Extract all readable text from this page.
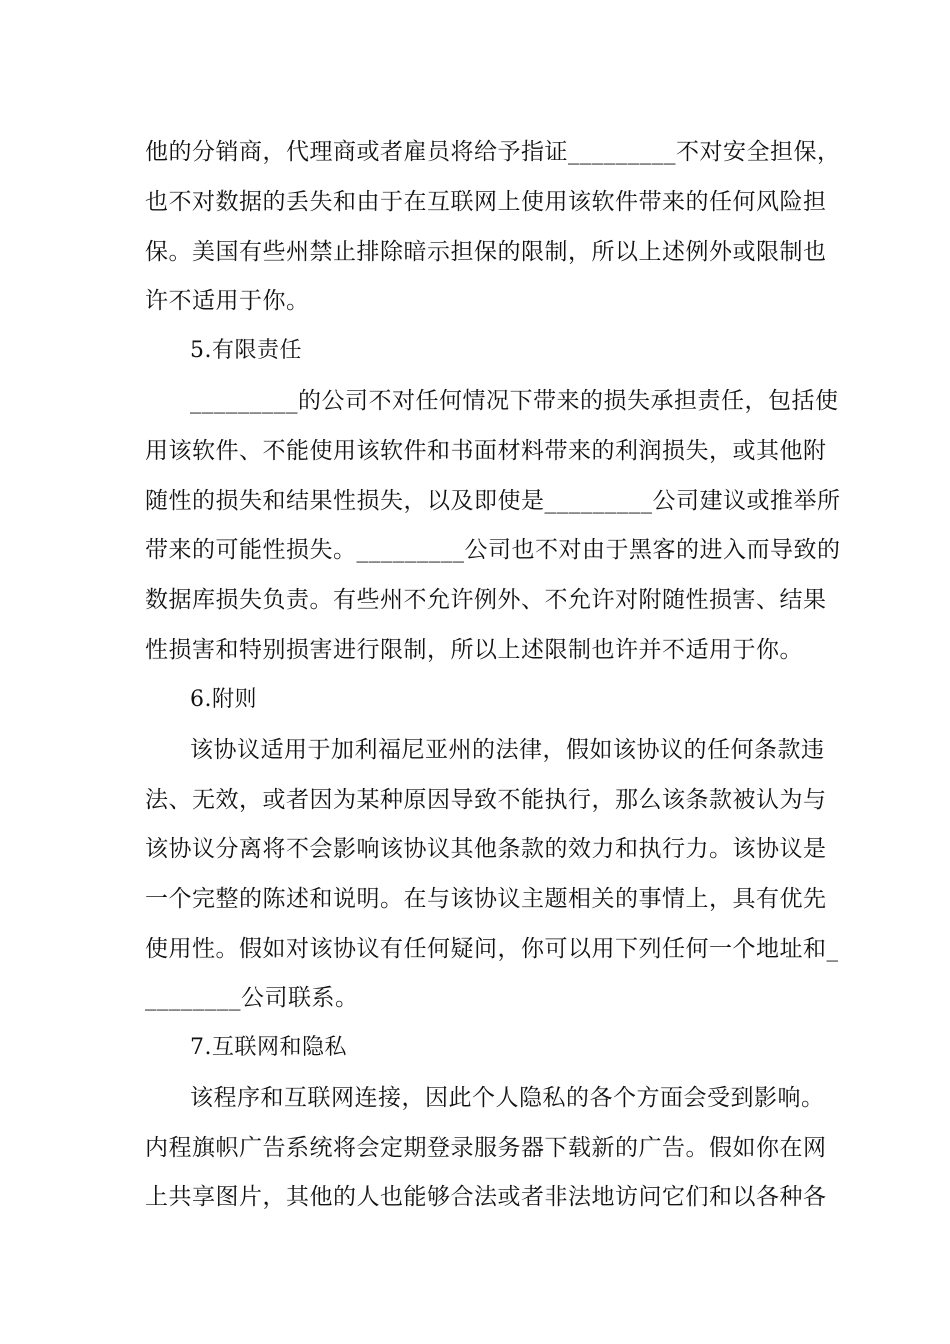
他的分销商，代理商或者雇员将给予指证_________不对安全担保，
也不对数据的丢失和由于在互联网上使用该软件带来的任何风险担
保。美国有些州禁止排除暗示担保的限制，所以上述例外或限制也
许不适用于你。
5.有限责任
_________的公司不对任何情况下带来的损失承担责任，包括使
用该软件、不能使用该软件和书面材料带来的利润损失，或其他附
随性的损失和结果性损失，以及即使是_________公司建议或推举所
带来的可能性损失。_________公司也不对由于黑客的进入而导致的
数据库损失负责。有些州不允许例外、不允许对附随性损害、结果
性损害和特别损害进行限制，所以上述限制也许并不适用于你。
6.附则
该协议适用于加利福尼亚州的法律，假如该协议的任何条款违
法、无效，或者因为某种原因导致不能执行，那么该条款被认为与
该协议分离将不会影响该协议其他条款的效力和执行力。该协议是
一个完整的陈述和说明。在与该协议主题相关的事情上，具有优先
使用性。假如对该协议有任何疑问，你可以用下列任何一个地址和_
________公司联系。
7.互联网和隐私
该程序和互联网连接，因此个人隐私的各个方面会受到影响。
内程旗帜广告系统将会定期登录服务器下载新的广告。假如你在网
上共享图片，其他的人也能够合法或者非法地访问它们和以各种各
